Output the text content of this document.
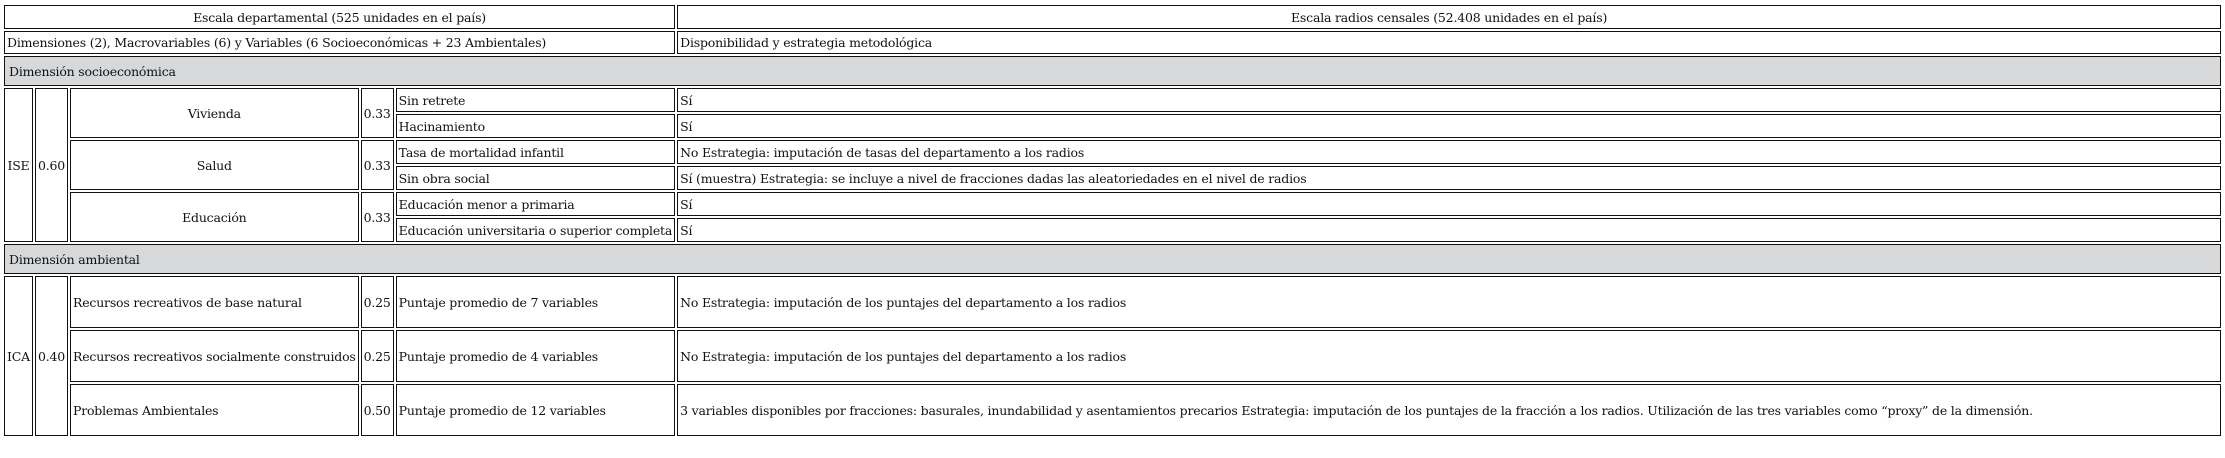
Escala departamental (525 unidades en el país)					Escala radios censales (52.408 unidades en el país)
Dimensiones (2), Macrovariables (6) y Variables (6 Socioeconómicas + 23 Ambientales)					Disponibilidad y estrategia metodológica
Dimensión socioeconómica					
ISE	0.60	Vivienda	0.33	Sin retrete	Sí
				Hacinamiento	Sí
		Salud	0.33	Tasa de mortalidad infantil	No Estrategia: imputación de tasas del departamento a los radios
				Sin obra social	Sí (muestra) Estrategia: se incluye a nivel de fracciones dadas las aleatoriedades en el nivel de radios
		Educación	0.33	Educación menor a primaria	Sí
				Educación universitaria o superior completa	Sí
Dimensión ambiental					
ICA	0.40	Recursos recreativos de base natural	0.25	Puntaje promedio de 7 variables	No Estrategia: imputación de los puntajes del departamento a los radios
		Recursos recreativos socialmente construidos	0.25	Puntaje promedio de 4 variables	No Estrategia: imputación de los puntajes del departamento a los radios
		Problemas Ambientales	0.50	Puntaje promedio de 12 variables	3 variables disponibles por fracciones: basurales, inundabilidad y asentamientos precarios Estrategia: imputación de los puntajes de la fracción a los radios. Utilización de las tres variables como “proxy” de la dimensión.
